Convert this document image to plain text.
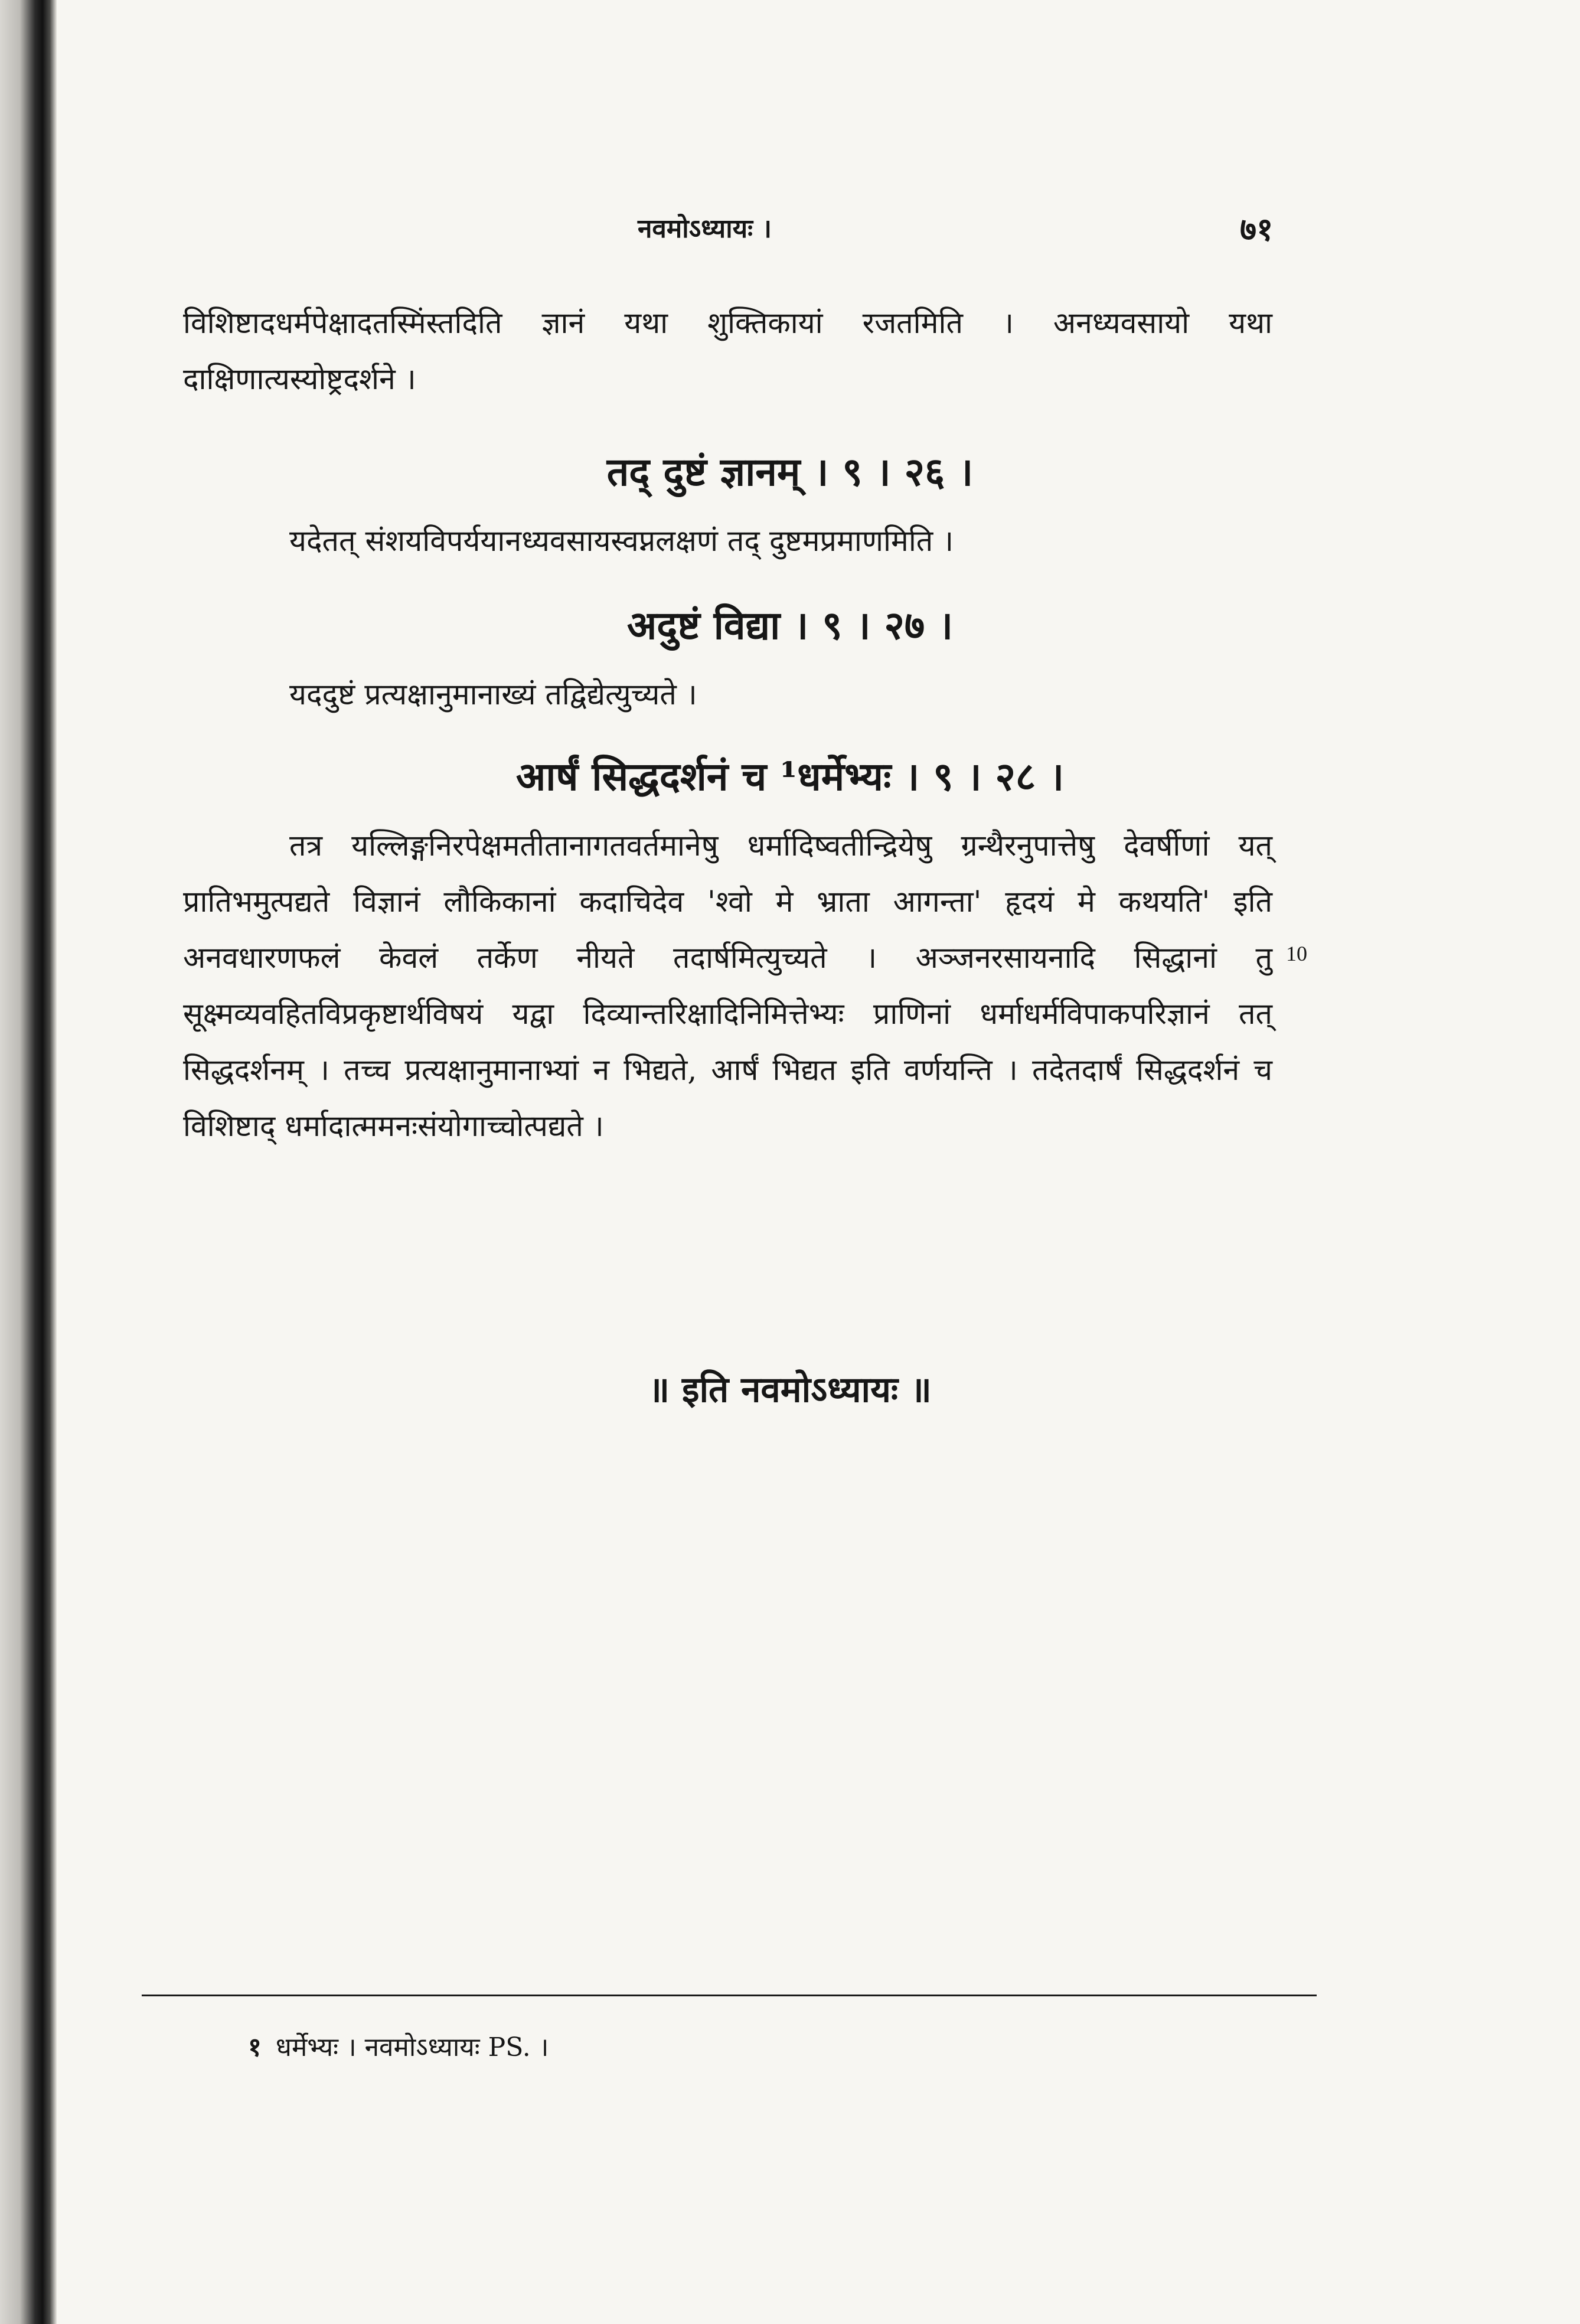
नवमोऽध्यायः ।	७१

विशिष्टादधर्मपेक्षादतस्मिंस्तदिति ज्ञानं यथा शुक्तिकायां रजतमिति । अनध्यवसायो यथा दाक्षिणात्यस्योष्ट्रदर्शने ।

तद् दुष्टं ज्ञानम् । ९ । २६ ।

यदेतत् संशयविपर्ययानध्यवसायस्वप्नलक्षणं तद् दुष्टमप्रमाणमिति ।

अदुष्टं विद्या । ९ । २७ ।

यददुष्टं प्रत्यक्षानुमानाख्यं तद्विद्येत्युच्यते ।

आर्षं सिद्धदर्शनं च ¹धर्मेभ्यः । ९ । २८ ।

तत्र यल्लिङ्गनिरपेक्षमतीतानागतवर्तमानेषु धर्मादिष्वतीन्द्रियेषु ग्रन्थैरनुपात्तेषु देवर्षीणां यत् प्रातिभमुत्पद्यते विज्ञानं लौकिकानां कदाचिदेव 'श्वो मे भ्राता आगन्ता' हृदयं मे कथयति' इति अनवधारणफलं केवलं तर्केण नीयते तदार्षमित्युच्यते । अञ्जनरसायनादि सिद्धानां तु सूक्ष्मव्यवहितविप्रकृष्टार्थविषयं यद्वा दिव्यान्तरिक्षादिनिमित्तेभ्यः प्राणिनां धर्माधर्मविपाकपरिज्ञानं तत् सिद्धदर्शनम् । तच्च प्रत्यक्षानुमानाभ्यां न भिद्यते, आर्षं भिद्यत इति वर्णयन्ति । तदेतदार्षं सिद्धदर्शनं च विशिष्टाद् धर्मादात्ममनःसंयोगाच्चोत्पद्यते ।

10

॥ इति नवमोऽध्यायः ॥

१ धर्मेभ्यः । नवमोऽध्यायः PS. ।
